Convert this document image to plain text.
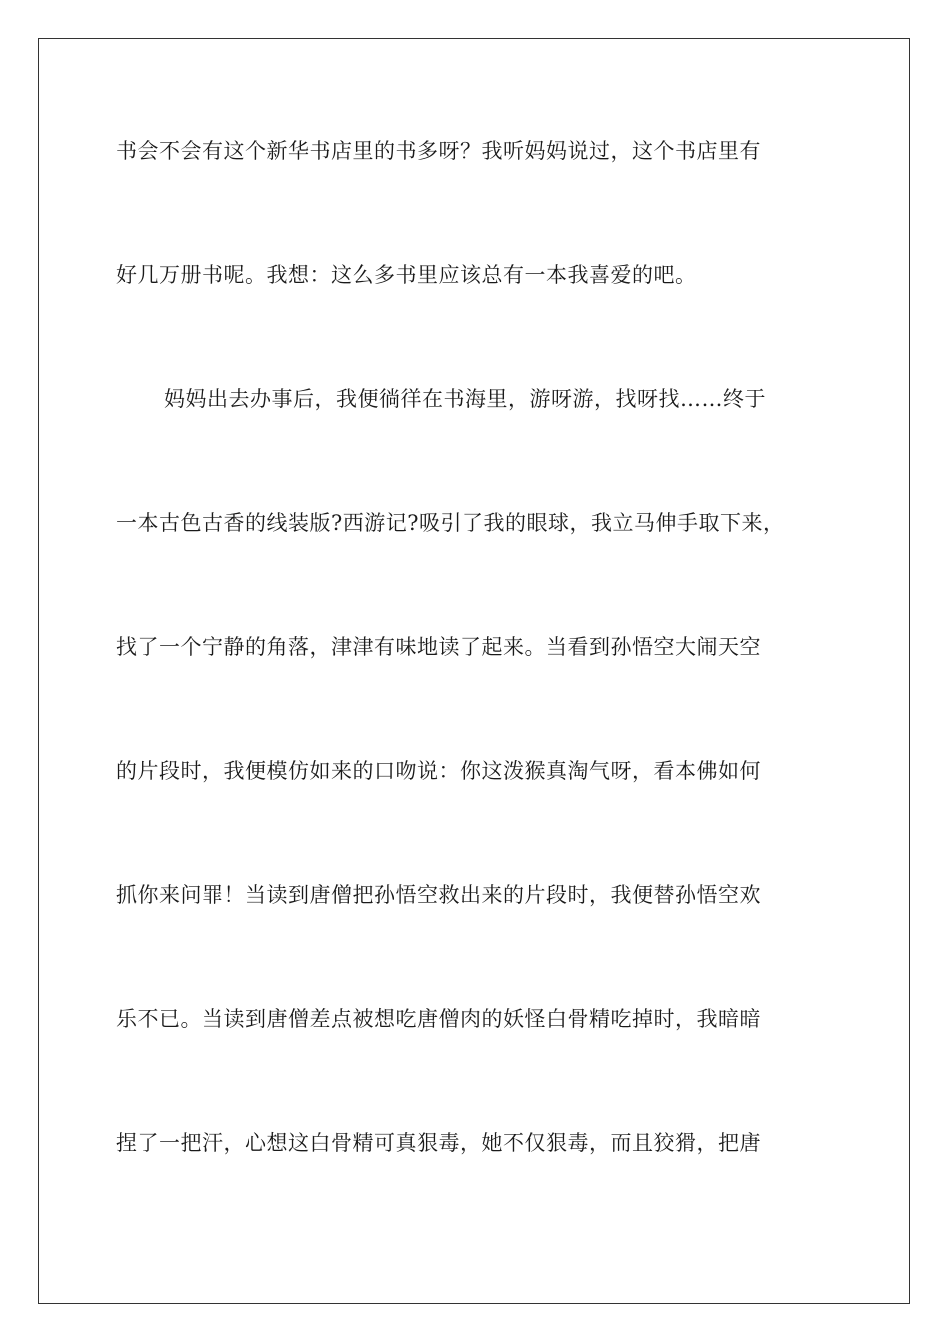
书会不会有这个新华书店里的书多呀？我听妈妈说过，这个书店里有
好几万册书呢。我想：这么多书里应该总有一本我喜爱的吧。
妈妈出去办事后，我便徜徉在书海里，游呀游，找呀找……终于
一本古色古香的线装版?西游记?吸引了我的眼球，我立马伸手取下来，
找了一个宁静的角落，津津有味地读了起来。当看到孙悟空大闹天空
的片段时，我便模仿如来的口吻说：你这泼猴真淘气呀，看本佛如何
抓你来问罪！当读到唐僧把孙悟空救出来的片段时，我便替孙悟空欢
乐不已。当读到唐僧差点被想吃唐僧肉的妖怪白骨精吃掉时，我暗暗
捏了一把汗，心想这白骨精可真狠毒，她不仅狠毒，而且狡猾，把唐
